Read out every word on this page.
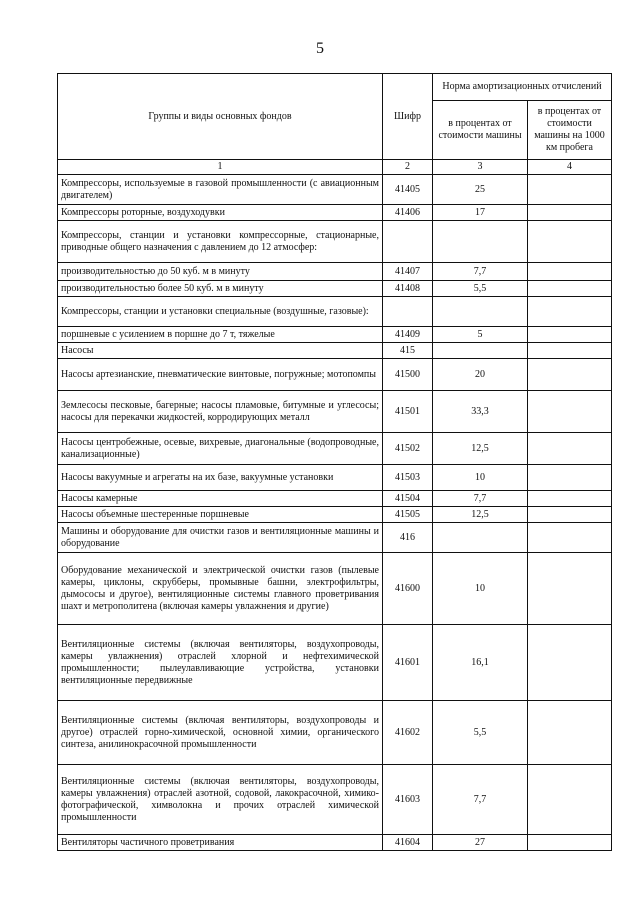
5
Группы и виды основных фондов	Шифр	Норма амортизационных отчислений	
		в процентах от стоимости машины	в процентах от стоимости машины на 1000 км пробега
1	2	3	4
Компрессоры, используемые в газовой промышленности (с авиационным двигателем)	41405	25	
Компрессоры роторные, воздуходувки	41406	17	
Компрессоры, станции и установки компрессорные, стационарные, приводные общего назначения с давлением до 12 атмосфер:			
производительностью до 50 куб. м в минуту	41407	7,7	
производительностью более 50 куб. м в минуту	41408	5,5	
Компрессоры, станции и установки специальные (воздушные, газовые):			
поршневые с усилением в поршне до 7 т, тяжелые	41409	5	
Насосы	415		
Насосы артезианские, пневматические винтовые, погружные; мотопомпы	41500	20	
Землесосы песковые, багерные; насосы пламовые, битумные и углесосы; насосы для перекачки жидкостей, корродирующих металл	41501	33,3	
Насосы центробежные, осевые, вихревые, диагональные (водопроводные, канализационные)	41502	12,5	
Насосы вакуумные и агрегаты на их базе, вакуумные установки	41503	10	
Насосы камерные	41504	7,7	
Насосы объемные шестеренные поршневые	41505	12,5	
Машины и оборудование для очистки газов и вентиляционные машины и оборудование	416		
Оборудование механической и электрической очистки газов (пылевые камеры, циклоны, скрубберы, промывные башни, электрофильтры, дымососы и другое), вентиляционные системы главного проветривания шахт и метрополитена (включая камеры увлажнения и другие)	41600	10	
Вентиляционные системы (включая вентиляторы, воздухопроводы, камеры увлажнения) отраслей хлорной и нефтехимической промышленности; пылеулавливающие устройства, установки вентиляционные передвижные	41601	16,1	
Вентиляционные системы (включая вентиляторы, воздухопроводы и другое) отраслей горно-химической, основной химии, органического синтеза, анилинокрасочной промышленности	41602	5,5	
Вентиляционные системы (включая вентиляторы, воздухопроводы, камеры увлажнения) отраслей азотной, содовой, лакокрасочной, химико-фотографической, химволокна и прочих отраслей химической промышленности	41603	7,7	
Вентиляторы частичного проветривания	41604	27	
